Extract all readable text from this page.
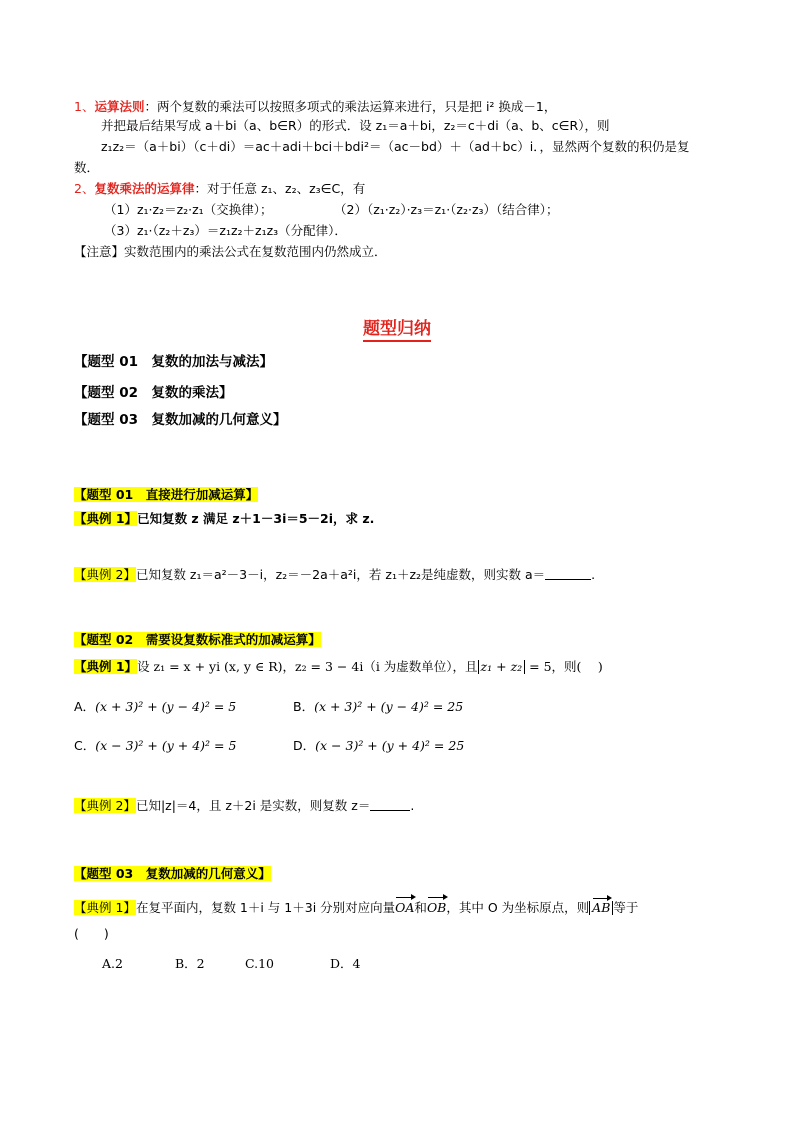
1、运算法则：两个复数的乘法可以按照多项式的乘法运算来进行，只是把 i² 换成－1，
并把最后结果写成 a＋bi（a、b∈R）的形式．设 z₁＝a＋bi，z₂＝c＋di（a、b、c∈R），则
z₁z₂＝（a＋bi）（c＋di）＝ac＋adi＋bci＋bdi²＝（ac－bd）＋（ad＋bc）i．，显然两个复数的积仍是复
数．
2、复数乘法的运算律：对于任意 z₁、z₂、z₃∈C，有
（1）z₁·z₂＝z₂·z₁（交换律）；	（2）（z₁·z₂）·z₃＝z₁·（z₂·z₃）（结合律）；
（3）z₁·（z₂＋z₃）＝z₁z₂＋z₁z₃（分配律）．
【注意】实数范围内的乘法公式在复数范围内仍然成立．
题型归纳
【题型 01　复数的加法与减法】
【题型 02　复数的乘法】
【题型 03　复数加减的几何意义】
【题型 01　直接进行加减运算】
【典例 1】已知复数 z 满足 z＋1－3i＝5－2i，求 z.
【典例 2】已知复数 z₁＝a²－3－i，z₂＝－2a＋a²i，若 z₁＋z₂是纯虚数，则实数 a＝	.
【题型 02　需要设复数标准式的加减运算】
【典例 1】设 z₁ = x + yi (x, y ∈ R)，z₂ = 3 − 4i（i 为虚数单位），且 z₁ + z₂ = 5，则(　 )
A．(x + 3)² + (y − 4)² = 5	B．(x + 3)² + (y − 4)² = 25
C．(x − 3)² + (y + 4)² = 5	D．(x − 3)² + (y + 4)² = 25
【典例 2】已知|z|＝4，且 z＋2i 是实数，则复数 z＝	.
【题型 03　复数加减的几何意义】
【典例 1】在复平面内，复数 1＋i 与 1＋3i 分别对应向量OA和OB，其中 O 为坐标原点，则 AB 等于
(　　)
A.2	B．2	C.10	D．4
